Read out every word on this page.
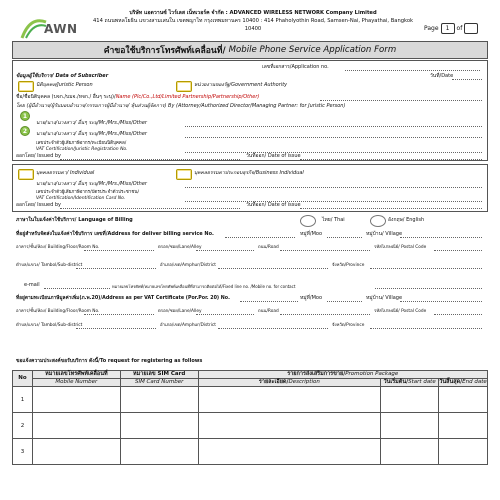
AWN
บริษัท แอดวานซ์ ไวร์เลส เน็ทเวอร์ค จำกัด : ADVANCED WIRELESS NETWORK Company Limited
414 ถนนพหลโยธิน แขวงสามเสนใน เขตพญาไท กรุงเทพมหานคร 10400 : 414 Phaholyothin Road, Samsen-Nai, Phayathai, Bangkok 10400	Page	1	of
คำขอใช้บริการโทรศัพท์เคลื่อนที่/ Mobile Phone Service Application Form
เลขที่เอกสาร/Application no.
ข้อมูลผู้ใช้บริการ/ Data of Subscriber	วันที่/Date
นิติบุคคล/Juristic Person	หน่วยงานของรัฐ/Government Authority
ชื่อ/ชื่อนิติบุคคล (บจก./บมจ./หจก./ อื่นๆ ระบุ)/Name (Plc/Co.,Ltd/Limited Partnership/Partnership/Other)
โดย (ผู้มีอำนาจ/ผู้รับมอบอำนาจ/กรรมการผู้มีอำนาจ/ หุ้นส่วนผู้จัดการ) By (Attorney/Authorized Director/Managing Partner: for Juristic Person)
1
นาย/นาง/นางสาว/ อื่นๆ ระบุ/Mr./Mrs./Miss/Other
2	นาย/นาง/นางสาว/ อื่นๆ ระบุ/Mr./Mrs./Miss/Other
เลขประจำตัวผู้เสียภาษีอากร/ทะเบียนนิติบุคคล/
VAT Certification/Juristic Registration No.
ออกโดย/ Issued by	วันที่ออก/ Date of issue
บุคคลธรรมดา/ Individual	บุคคลธรรมดาประกอบธุรกิจ/Business Individual
นาย/นาง/นางสาว/ อื่นๆ ระบุ/Mr./Mrs./Miss/Other
เลขประจำตัวผู้เสียภาษีอากร/บัตรประจำตัวประชาชน/
VAT Certification/Identification Card No.
ออกโดย/ Issued by	วันที่ออก/ Date of issue
ภาษาในใบแจ้งค่าใช้บริการ/ Language of Billing	ไทย/ Thai	อังกฤษ/ English
ที่อยู่สำหรับจัดส่งใบแจ้งค่าใช้บริการ เลขที่/Address for deliver billing service No.	หมู่ที่/Moo	หมู่บ้าน/ Village
อาคาร/ชั้น/ห้อง/ Building/Floor/Room No.	ตรอก/ซอย/Lane/Alley	ถนน/Road	รหัสไปรษณีย์/ Postal Code
ตำบล/แขวง/ Tambol/Sub-district	อำเภอ/เขต/Amphur/District	จังหวัด/Province
e-mail	หมายเลขโทรศัพท์/หมายเลขโทรศัพท์เคลื่อนที่ที่สามารถติดต่อได้/Fixed line no. /Mobile no. for contact
ที่อยู่ตามทะเบียนภาษีมูลค่าเพิ่ม(ภ.พ.20)/Address as per VAT Certificate (Por.Por. 20) No.	หมู่ที่/Moo	หมู่บ้าน/ Village
อาคาร/ชั้น/ห้อง/ Building/Floor/Room No.	ตรอก/ซอย/Lane/Alley	ถนน/Road	รหัสไปรษณีย์/ Postal Code
ตำบล/แขวง/ Tambol/Sub-district	อำเภอ/เขต/Amphur/District	จังหวัด/Province
ขอแจ้งความประสงค์ขอรับบริการ ดังนี้/To request for registering as follows
No	หมายเลขโทรศัพท์เคลื่อนที่	หมายเลข SIM Card	รายการส่งเสริมการขาย/Promotion Package		
	Mobile Number	SIM Card Number	รายละเอียด/Description	วันเริ่มต้น/Start date	วันสิ้นสุด/End date
1					
2					
3					
